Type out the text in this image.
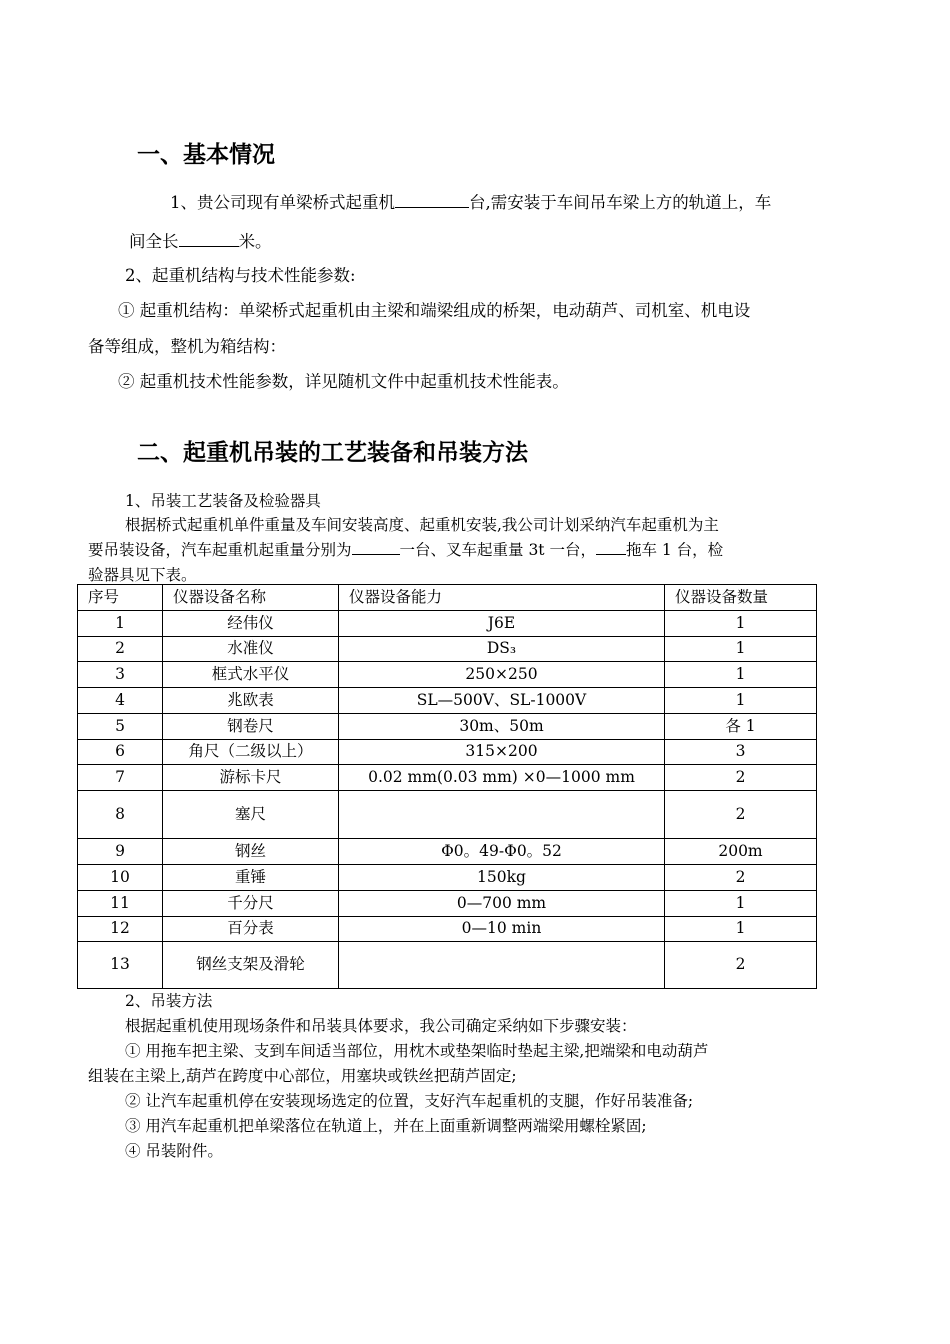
一、基本情况
1、贵公司现有单梁桥式起重机	台,需安装于车间吊车梁上方的轨道上，车
间全长	米。
2、起重机结构与技术性能参数:
① 起重机结构：单梁桥式起重机由主梁和端梁组成的桥架，电动葫芦、司机室、机电设
备等组成，整机为箱结构：
② 起重机技术性能参数，详见随机文件中起重机技术性能表。
二、起重机吊装的工艺装备和吊装方法
1、吊装工艺装备及检验器具
根据桥式起重机单件重量及车间安装高度、起重机安装,我公司计划采纳汽车起重机为主
要吊装设备，汽车起重机起重量分别为	一台、叉车起重量 3t 一台， 拖车 1 台，检
验器具见下表。
序号	仪器设备名称	仪器设备能力	仪器设备数量
1	经伟仪	J6E	1
2	水准仪	DS₃	1
3	框式水平仪	250×250	1
4	兆欧表	SL—500V、SL-1000V	1
5	钢卷尺	30m、50m	各 1
6	角尺（二级以上）	315×200	3
7	游标卡尺	0.02 mm(0.03 mm) ×0—1000 mm	2
8	塞尺		2
9	钢丝	Φ0。49-Φ0。52	200m
10	重锤	150kg	2
11	千分尺	0—700 mm	1
12	百分表	0—10 min	1
13	钢丝支架及滑轮		2
2、吊装方法
根据起重机使用现场条件和吊装具体要求，我公司确定采纳如下步骤安装：
① 用拖车把主梁、支到车间适当部位，用枕木或垫架临时垫起主梁,把端梁和电动葫芦
组装在主梁上,葫芦在跨度中心部位，用塞块或铁丝把葫芦固定;
② 让汽车起重机停在安装现场选定的位置，支好汽车起重机的支腿，作好吊装准备;
③ 用汽车起重机把单梁落位在轨道上，并在上面重新调整两端梁用螺栓紧固;
④ 吊装附件。
